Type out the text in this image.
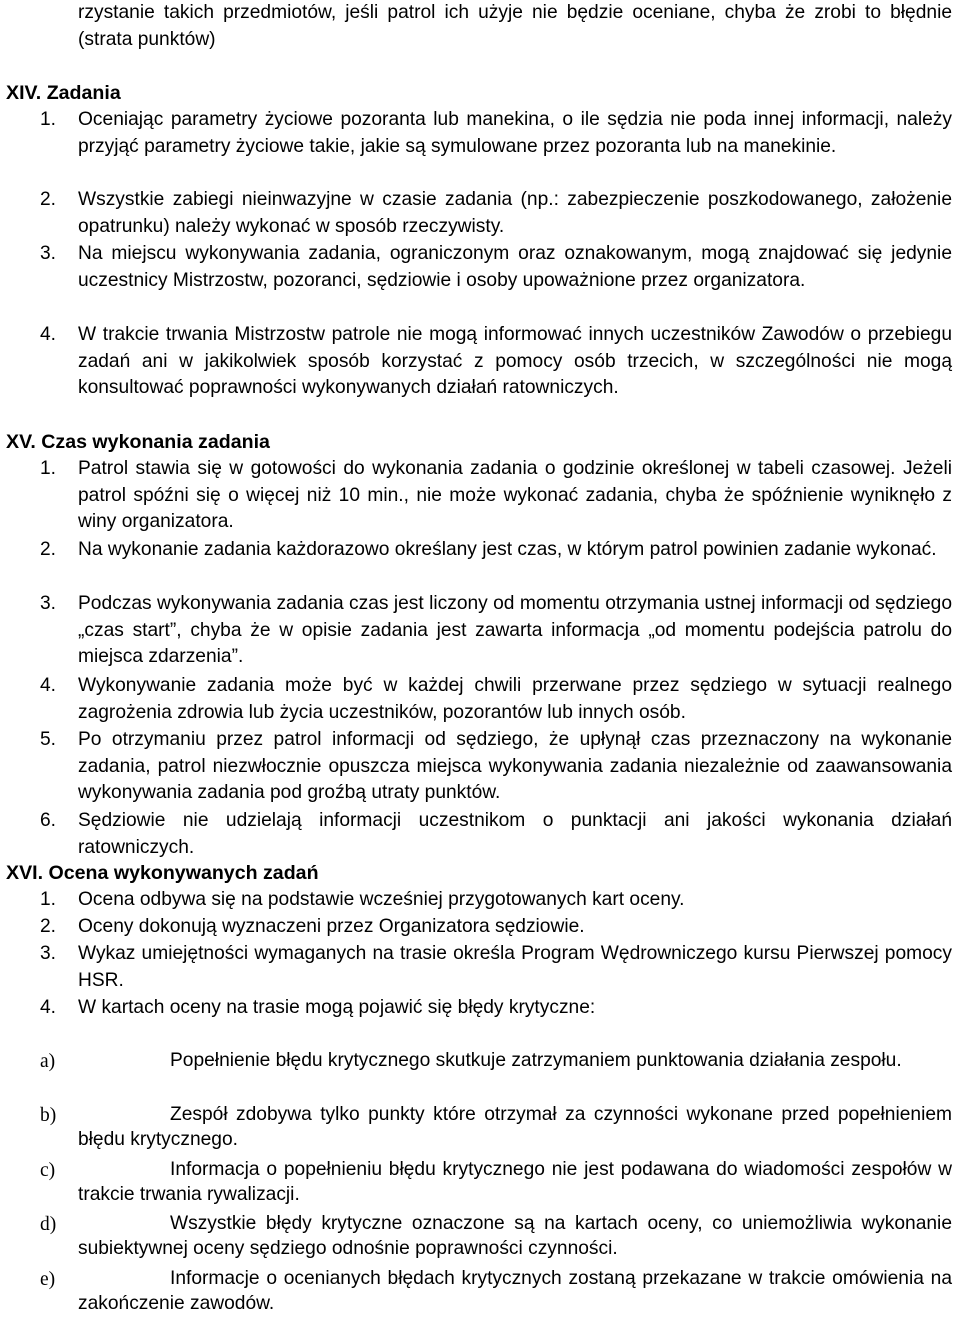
rzystanie takich przedmiotów, jeśli patrol ich użyje nie będzie oceniane, chyba że zrobi to błędnie (strata punktów)
XIV. Zadania
1.	Oceniając parametry życiowe pozoranta lub manekina, o ile sędzia nie poda innej informacji, należy przyjąć parametry życiowe takie, jakie są symulowane przez pozoranta lub na manekinie.
2.	Wszystkie zabiegi nieinwazyjne w czasie zadania (np.: zabezpieczenie poszkodowanego, założenie opatrunku) należy wykonać w sposób rzeczywisty.
3.	Na miejscu wykonywania zadania, ograniczonym oraz oznakowanym, mogą znajdować się jedynie uczestnicy Mistrzostw, pozoranci, sędziowie i osoby upoważnione przez organizatora.
4.	W trakcie trwania Mistrzostw patrole nie mogą informować innych uczestników Zawodów o przebiegu zadań ani w jakikolwiek sposób korzystać z pomocy osób trzecich, w szczególności nie mogą konsultować poprawności wykonywanych działań ratowniczych.
XV. Czas wykonania zadania
1.	Patrol stawia się w gotowości do wykonania zadania o godzinie określonej w tabeli czasowej. Jeżeli patrol spóźni się o więcej niż 10 min., nie może wykonać zadania, chyba że spóźnienie wyniknęło z winy organizatora.
2.	Na wykonanie zadania każdorazowo określany jest czas, w którym patrol powinien zadanie wykonać.
3.	Podczas wykonywania zadania czas jest liczony od momentu otrzymania ustnej informacji od sędziego „czas start”, chyba że w opisie zadania jest zawarta informacja „od momentu podejścia patrolu do miejsca zdarzenia”.
4.	Wykonywanie zadania może być w każdej chwili przerwane przez sędziego w sytuacji realnego zagrożenia zdrowia lub życia uczestników, pozorantów lub innych osób.
5.	Po otrzymaniu przez patrol informacji od sędziego, że upłynął czas przeznaczony na wykonanie zadania, patrol niezwłocznie opuszcza miejsca wykonywania zadania niezależnie od zaawansowania wykonywania zadania pod groźbą utraty punktów.
6.	Sędziowie nie udzielają informacji uczestnikom o punktacji ani jakości wykonania działań ratowniczych.
XVI. Ocena wykonywanych zadań
1.	Ocena odbywa się na podstawie wcześniej przygotowanych kart oceny.
2.	Oceny dokonują wyznaczeni przez Organizatora sędziowie.
3.	Wykaz umiejętności wymaganych na trasie określa Program Wędrowniczego kursu Pierwszej pomocy HSR.
4.	W kartach oceny na trasie mogą pojawić się błędy krytyczne:
a)	Popełnienie błędu krytycznego skutkuje zatrzymaniem punktowania działania zespołu.
b)	Zespół zdobywa tylko punkty które otrzymał za czynności wykonane przed popełnieniem błędu krytycznego.
c)	Informacja o popełnieniu błędu krytycznego nie jest podawana do wiadomości zespołów w trakcie trwania rywalizacji.
d)	Wszystkie błędy krytyczne oznaczone są na kartach oceny, co uniemożliwia wykonanie subiektywnej oceny sędziego odnośnie poprawności czynności.
e)	Informacje o ocenianych błędach krytycznych zostaną przekazane w trakcie omówienia na zakończenie zawodów.
